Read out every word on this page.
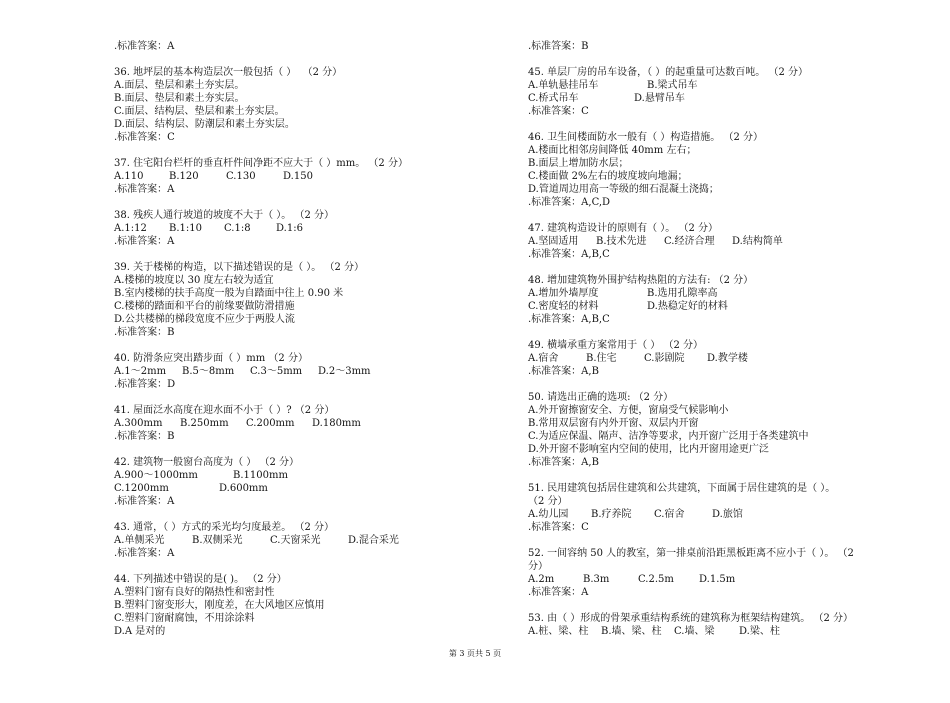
.标准答案：A
36. 地坪层的基本构造层次一般包括（ ）  （2 分）
A.面层、垫层和素土夯实层。
B.面层、垫层和素土夯实层。
C.面层、结构层、垫层和素土夯实层。
D.面层、结构层、防潮层和素土夯实层。
.标准答案：C
37. 住宅阳台栏杆的垂直杆件间净距不应大于（ ）mm。 （2 分）
A.110	B.120	C.130	D.150
.标准答案：A
38. 残疾人通行坡道的坡度不大于（ ）。 （2 分）
A.1:12 B.1:10 C.1:8	D.1:6
.标准答案：A
39. 关于楼梯的构造，以下描述错误的是（ ）。 （2 分）
A.楼梯的坡度以 30 度左右较为适宜
B.室内楼梯的扶手高度一般为自踏面中往上 0.90 米
C.楼梯的踏面和平台的前缘要做防滑措施
D.公共楼梯的梯段宽度不应少于两股人流
.标准答案：B
40. 防滑条应突出踏步面（ ）mm （2 分）
A.1～2mm B.5～8mm C.3～5mm D.2～3mm
.标准答案：D
41. 屋面泛水高度在迎水面不小于（ ）? （2 分）
A.300mm B.250mm C.200mm D.180mm
.标准答案：B
42. 建筑物一般窗台高度为（ ） （2 分）
A.900～1000mm	B.1100mm
C.1200mm	D.600mm
.标准答案：A
43. 通常，（ ）方式的采光均匀度最差。 （2 分）
A.单侧采光	B.双侧采光	C.天窗采光	D.混合采光
.标准答案：A
44. 下列描述中错误的是( )。 （2 分）
A.塑料门窗有良好的隔热性和密封性
B.塑料门窗变形大，刚度差，在大风地区应慎用
C.塑料门窗耐腐蚀，不用涂涂料
D.A 是对的
.标准答案：B
45. 单层厂房的吊车设备，（ ）的起重量可达数百吨。 （2 分）
A.单轨悬挂吊车	B.梁式吊车
C.桥式吊车	D.悬臂吊车
.标准答案：C
46. 卫生间楼面防水一般有（ ）构造措施。 （2 分）
A.楼面比相邻房间降低 40mm 左右；
B.面层上增加防水层；
C.楼面做 2%左右的坡度坡向地漏；
D.管道周边用高一等级的细石混凝土浇捣；
.标准答案：A,C,D
47. 建筑构造设计的原则有（ ）。 （2 分）
A.坚固适用 B.技术先进 C.经济合理 D.结构简单
.标准答案：A,B,C
48. 增加建筑物外围护结构热阻的方法有: （2 分）
A.增加外墙厚度	B.选用孔隙率高
C.密度轻的材料	D.热稳定好的材料
.标准答案：A,B,C
49. 横墙承重方案常用于（ ） （2 分）
A.宿舍	B.住宅	C.影剧院 D.教学楼
.标准答案：A,B
50. 请选出正确的选项: （2 分）
A.外开窗擦窗安全、方便，窗扇受气候影响小
B.常用双层窗有内外开窗、双层内开窗
C.为适应保温、隔声、洁净等要求，内开窗广泛用于各类建筑中
D.外开窗不影响室内空间的使用，比内开窗用途更广泛
.标准答案：A,B
51. 民用建筑包括居住建筑和公共建筑，下面属于居住建筑的是（ ）。
（2 分）
A.幼儿园 B.疗养院 C.宿舍	D.旅馆
.标准答案：C
52. 一间容纳 50 人的教室，第一排桌前沿距黑板距离不应小于（ ）。 （2
分）
A.2m	B.3m	C.2.5m	D.1.5m
.标准答案：A
53. 由（ ）形成的骨架承重结构系统的建筑称为框架结构建筑。 （2 分）
A.桩、梁、柱 B.墙、梁、柱 C.墙、梁 D.梁、柱
第 3 页共 5 页
